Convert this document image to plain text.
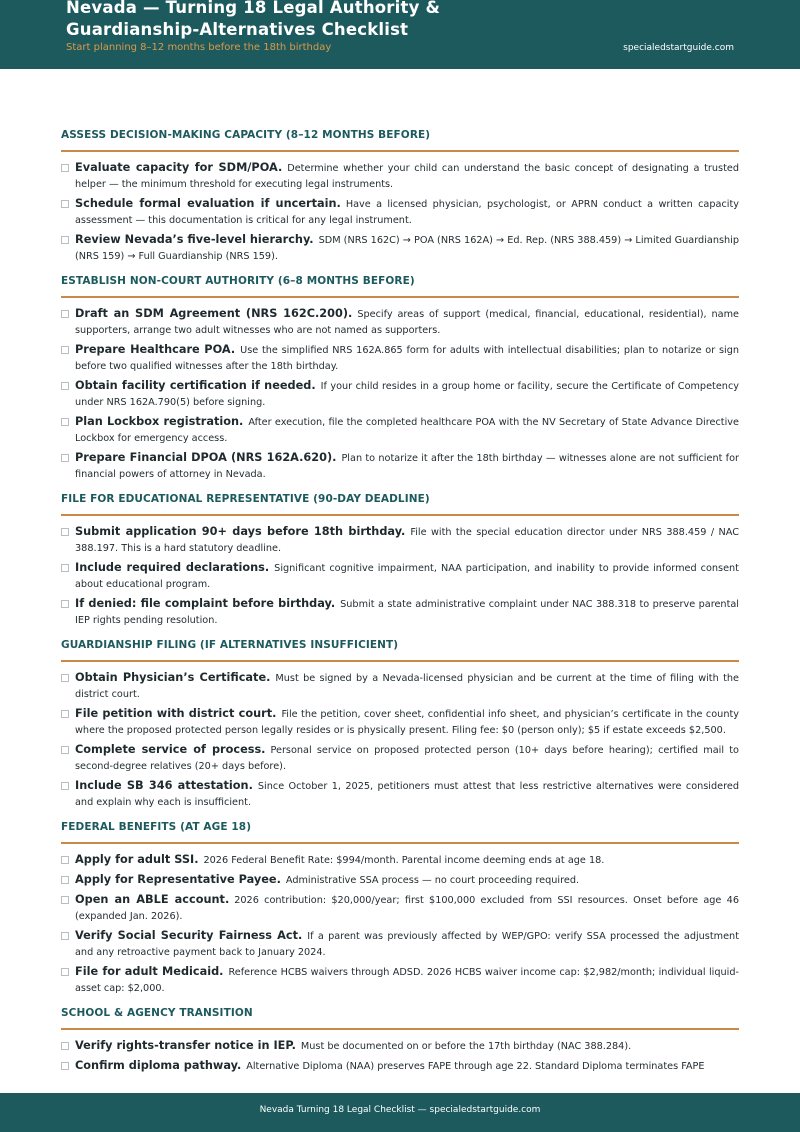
Nevada — Turning 18 Legal Authority & Guardianship-Alternatives Checklist
Start planning 8–12 months before the 18th birthday	specialedstartguide.com
ASSESS DECISION-MAKING CAPACITY (8–12 MONTHS BEFORE)
Evaluate capacity for SDM/POA. Determine whether your child can understand the basic concept of designating a trusted helper — the minimum threshold for executing legal instruments.
Schedule formal evaluation if uncertain. Have a licensed physician, psychologist, or APRN conduct a written capacity assessment — this documentation is critical for any legal instrument.
Review Nevada’s five-level hierarchy. SDM (NRS 162C) → POA (NRS 162A) → Ed. Rep. (NRS 388.459) → Limited Guardianship (NRS 159) → Full Guardianship (NRS 159).
ESTABLISH NON-COURT AUTHORITY (6–8 MONTHS BEFORE)
Draft an SDM Agreement (NRS 162C.200). Specify areas of support (medical, financial, educational, residential), name supporters, arrange two adult witnesses who are not named as supporters.
Prepare Healthcare POA. Use the simplified NRS 162A.865 form for adults with intellectual disabilities; plan to notarize or sign before two qualified witnesses after the 18th birthday.
Obtain facility certification if needed. If your child resides in a group home or facility, secure the Certificate of Competency under NRS 162A.790(5) before signing.
Plan Lockbox registration. After execution, file the completed healthcare POA with the NV Secretary of State Advance Directive Lockbox for emergency access.
Prepare Financial DPOA (NRS 162A.620). Plan to notarize it after the 18th birthday — witnesses alone are not sufficient for financial powers of attorney in Nevada.
FILE FOR EDUCATIONAL REPRESENTATIVE (90-DAY DEADLINE)
Submit application 90+ days before 18th birthday. File with the special education director under NRS 388.459 / NAC 388.197. This is a hard statutory deadline.
Include required declarations. Significant cognitive impairment, NAA participation, and inability to provide informed consent about educational program.
If denied: file complaint before birthday. Submit a state administrative complaint under NAC 388.318 to preserve parental IEP rights pending resolution.
GUARDIANSHIP FILING (IF ALTERNATIVES INSUFFICIENT)
Obtain Physician’s Certificate. Must be signed by a Nevada-licensed physician and be current at the time of filing with the district court.
File petition with district court. File the petition, cover sheet, confidential info sheet, and physician’s certificate in the county where the proposed protected person legally resides or is physically present. Filing fee: $0 (person only); $5 if estate exceeds $2,500.
Complete service of process. Personal service on proposed protected person (10+ days before hearing); certified mail to second-degree relatives (20+ days before).
Include SB 346 attestation. Since October 1, 2025, petitioners must attest that less restrictive alternatives were considered and explain why each is insufficient.
FEDERAL BENEFITS (AT AGE 18)
Apply for adult SSI. 2026 Federal Benefit Rate: $994/month. Parental income deeming ends at age 18.
Apply for Representative Payee. Administrative SSA process — no court proceeding required.
Open an ABLE account. 2026 contribution: $20,000/year; first $100,000 excluded from SSI resources. Onset before age 46 (expanded Jan. 2026).
Verify Social Security Fairness Act. If a parent was previously affected by WEP/GPO: verify SSA processed the adjustment and any retroactive payment back to January 2024.
File for adult Medicaid. Reference HCBS waivers through ADSD. 2026 HCBS waiver income cap: $2,982/month; individual liquid-asset cap: $2,000.
SCHOOL & AGENCY TRANSITION
Verify rights-transfer notice in IEP. Must be documented on or before the 17th birthday (NAC 388.284).
Confirm diploma pathway. Alternative Diploma (NAA) preserves FAPE through age 22. Standard Diploma terminates FAPE
Nevada Turning 18 Legal Checklist — specialedstartguide.com
